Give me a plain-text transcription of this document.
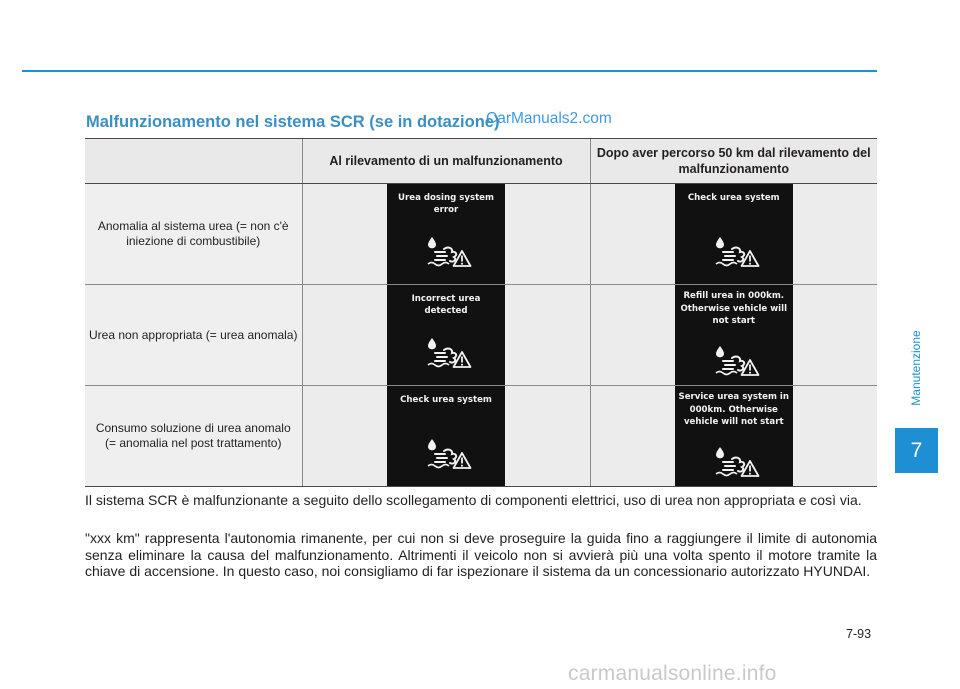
Malfunzionamento nel sistema SCR (se in dotazione)
CarManuals2.com
	Al rilevamento di un malfunzionamento	Dopo aver percorso 50 km dal rilevamento del malfunzionamento
Anomalia al sistema urea (= non c'è iniezione di combustibile)	Urea dosing system error	Check urea system

Urea non appropriata (= urea anomala)	Incorrect urea detected	Refill urea in 000km. Otherwise vehicle will not start

Consumo soluzione di urea anomalo (= anomalia nel post trattamento)	Check urea system	Service urea system in 000km. Otherwise vehicle will not start

Il sistema SCR è malfunzionante a seguito dello scollegamento di componenti elettrici, uso di urea non appropriata e così via.

"xxx km" rappresenta l'autonomia rimanente, per cui non si deve proseguire la guida fino a raggiungere il limite di autonomia senza eliminare la causa del malfunzionamento. Altrimenti il veicolo non si avvierà più una volta spento il motore tramite la chiave di accensione. In questo caso, noi consigliamo di far ispezionare il sistema da un concessionario autorizzato HYUNDAI.

Manutenzione
7
7-93
carmanualsonline.info
